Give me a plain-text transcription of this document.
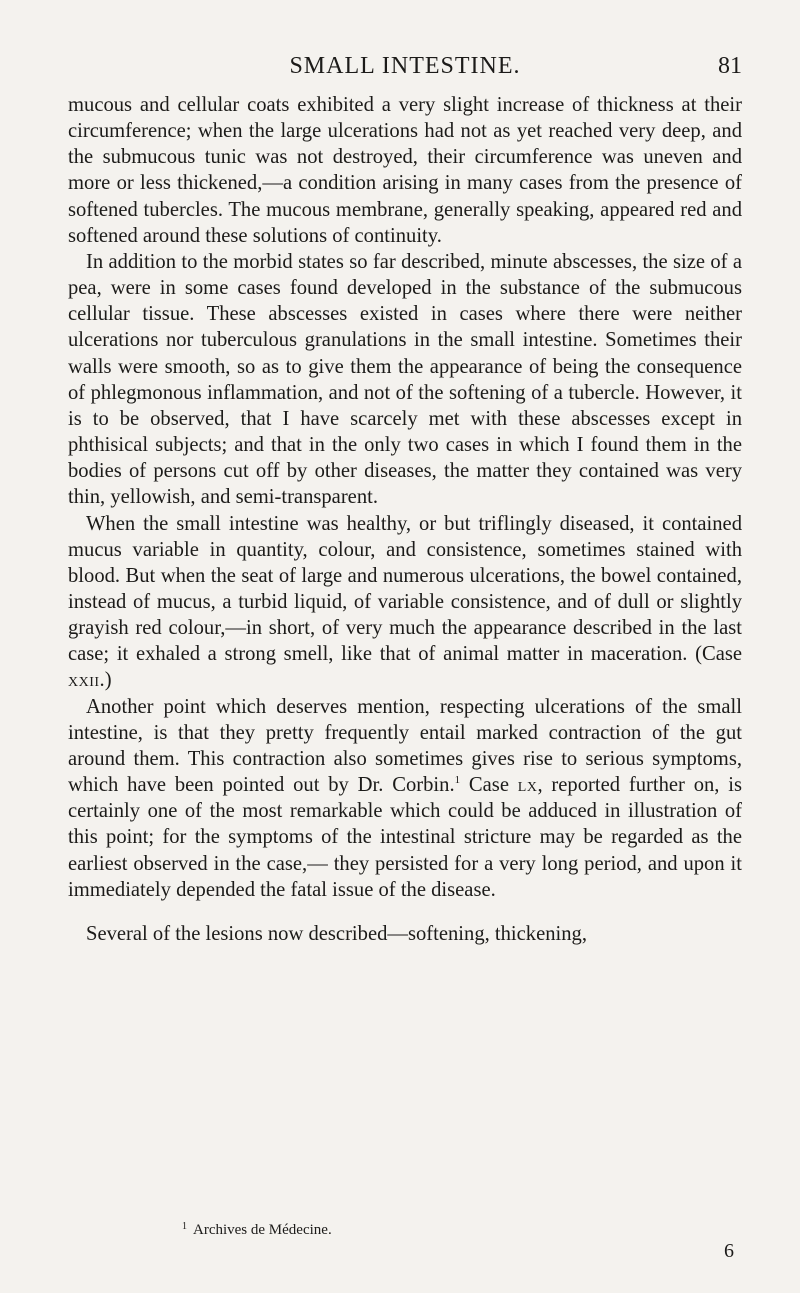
SMALL INTESTINE.	81

mucous and cellular coats exhibited a very slight increase of thickness at their circumference; when the large ulcerations had not as yet reached very deep, and the submucous tunic was not destroyed, their circumference was uneven and more or less thickened,—a condition arising in many cases from the presence of softened tubercles. The mucous membrane, generally speaking, appeared red and softened around these solutions of continuity.

In addition to the morbid states so far described, minute abscesses, the size of a pea, were in some cases found developed in the substance of the submucous cellular tissue. These abscesses existed in cases where there were neither ulcerations nor tuberculous granulations in the small intestine. Sometimes their walls were smooth, so as to give them the appearance of being the consequence of phlegmonous inflammation, and not of the softening of a tubercle. However, it is to be observed, that I have scarcely met with these abscesses except in phthisical subjects; and that in the only two cases in which I found them in the bodies of persons cut off by other diseases, the matter they contained was very thin, yellowish, and semi-transparent.

When the small intestine was healthy, or but triflingly diseased, it contained mucus variable in quantity, colour, and consistence, sometimes stained with blood. But when the seat of large and numerous ulcerations, the bowel contained, instead of mucus, a turbid liquid, of variable consistence, and of dull or slightly grayish red colour,—in short, of very much the appearance described in the last case; it exhaled a strong smell, like that of animal matter in maceration. (Case xxii.)

Another point which deserves mention, respecting ulcerations of the small intestine, is that they pretty frequently entail marked contraction of the gut around them. This contraction also sometimes gives rise to serious symptoms, which have been pointed out by Dr. Corbin.$^1$ Case lx, reported further on, is certainly one of the most remarkable which could be adduced in illustration of this point; for the symptoms of the intestinal stricture may be regarded as the earliest observed in the case,— they persisted for a very long period, and upon it immediately depended the fatal issue of the disease.

Several of the lesions now described—softening, thickening,

$^1$ Archives de Médecine.
6
